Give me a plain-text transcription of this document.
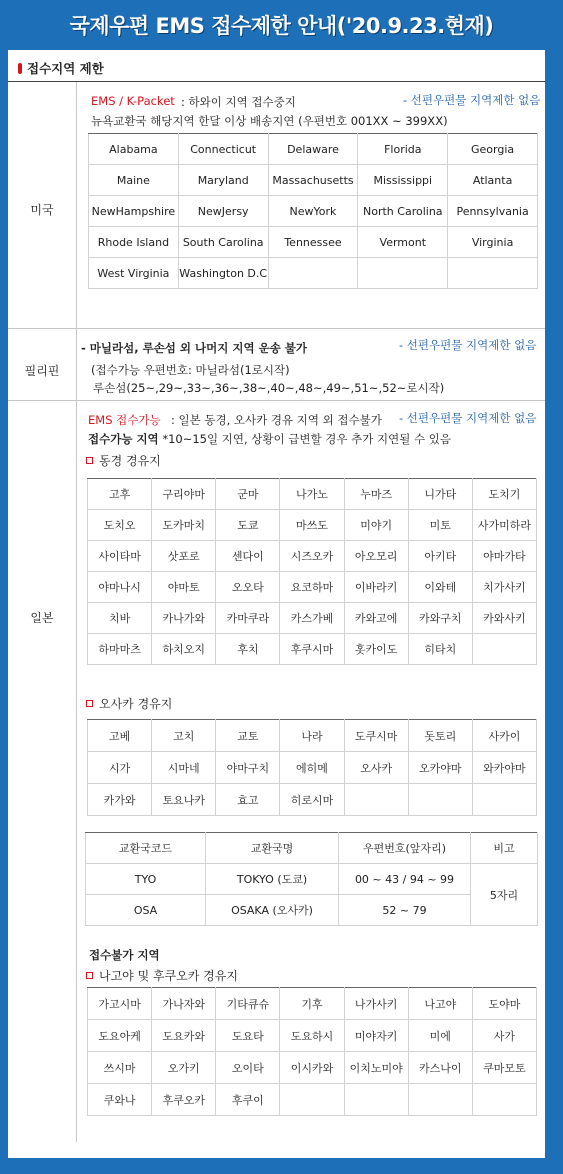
국제우편 EMS 접수제한 안내('20.9.23.현재)
접수지역 제한
미국
EMS / K-Packet : 하와이 지역 접수중지	- 선편우편물 지역제한 없음
뉴욕교환국 해당지역 한달 이상 배송지연 (우편번호 001XX ~ 399XX)
Alabama	Connecticut	Delaware	Florida	Georgia
Maine	Maryland	Massachusetts	Mississippi	Atlanta
NewHampshire	NewJersy	NewYork	North Carolina	Pennsylvania
Rhode Island	South Carolina	Tennessee	Vermont	Virginia
West Virginia	Washington D.C			
필리핀
- 마닐라섬, 루손섬 외 나머지 지역 운송 불가	- 선편우편물 지역제한 없음
(접수가능 우편번호: 마닐라섬(1로시작)
루손섬(25~,29~,33~,36~,38~,40~,48~,49~,51~,52~로시작)
일본
EMS 접수가능 : 일본 동경, 오사카 경유 지역 외 접수불가 - 선편우편물 지역제한 없음
접수가능 지역 *10~15일 지연, 상황이 급변할 경우 추가 지연될 수 있음
동경 경유지
고후	구리야마	군마	나가노	누마즈	니가타	도치기
도치오	도카마치	도쿄	마쓰도	미야기	미토	사가미하라
사이타마	삿포로	센다이	시즈오카	아오모리	아키타	야마가타
야마나시	야마토	오오타	요코하마	이바라키	이와테	치가사키
치바	카나가와	카마쿠라	카스가베	카와고에	카와구치	카와사키
하마마츠	하치오지	후치	후쿠시마	홋카이도	히타치	
오사카 경유지
고베	고치	교토	나라	도쿠시마	돗토리	사카이
시가	시마네	야마구치	에히메	오사카	오카야마	와카야마
카가와	토요나카	효고	히로시마			
교환국코드	교환국명	우편번호(앞자리)	비고
TYO	TOKYO (도쿄)	00 ~ 43 / 94 ~ 99	5자리
OSA	OSAKA (오사카)	52 ~ 79	
접수불가 지역
나고야 및 후쿠오카 경유지
가고시마	가나자와	기타큐슈	기후	나가사키	나고야	도야마
도요아케	도요카와	도요타	도요하시	미야자키	미에	사가
쓰시마	오가키	오이타	이시카와	이치노미야	카스나이	쿠마모토
쿠와나	후쿠오카	후쿠이				
